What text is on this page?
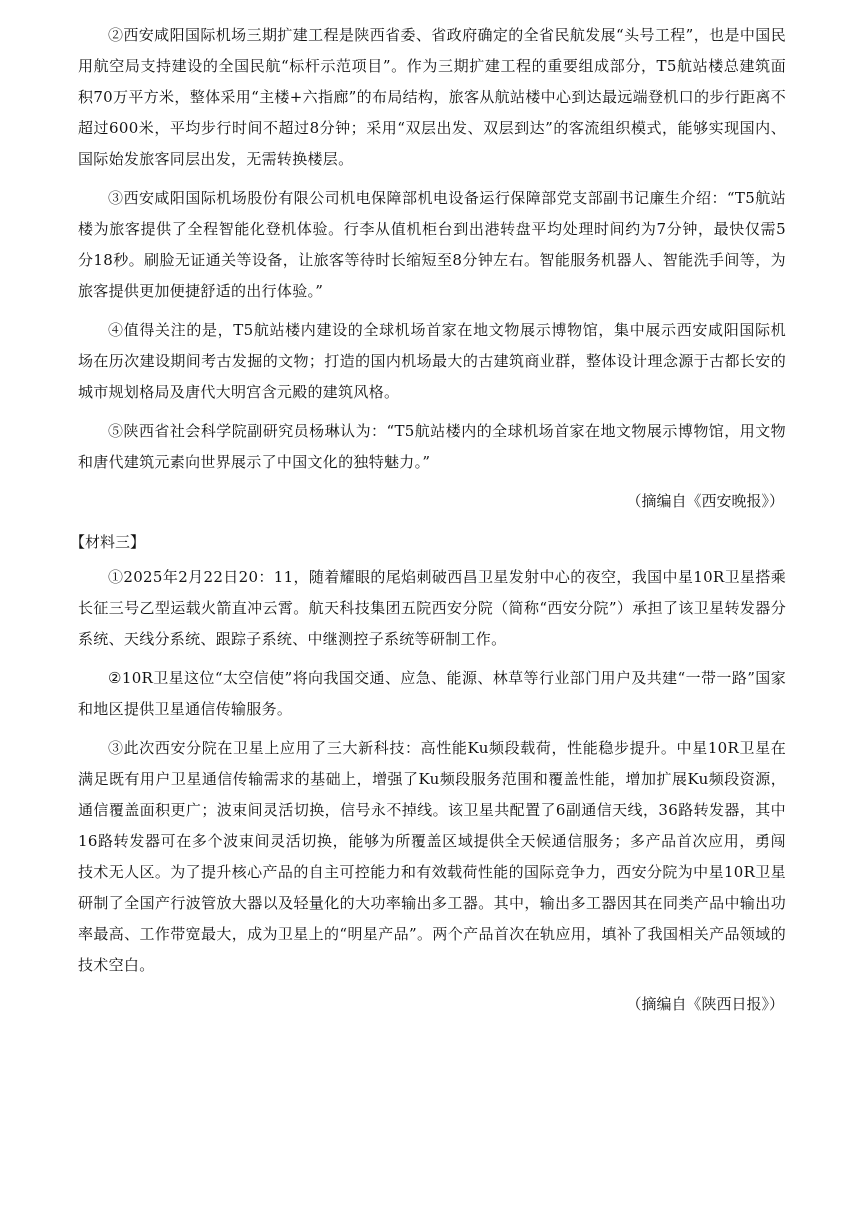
②西安咸阳国际机场三期扩建工程是陕西省委、省政府确定的全省民航发展“头号工程”，也是中国民用航空局支持建设的全国民航“标杆示范项目”。作为三期扩建工程的重要组成部分，T5航站楼总建筑面积70万平方米，整体采用“主楼+六指廊”的布局结构，旅客从航站楼中心到达最远端登机口的步行距离不超过600米，平均步行时间不超过8分钟；采用“双层出发、双层到达”的客流组织模式，能够实现国内、国际始发旅客同层出发，无需转换楼层。

③西安咸阳国际机场股份有限公司机电保障部机电设备运行保障部党支部副书记廉生介绍：“T5航站楼为旅客提供了全程智能化登机体验。行李从值机柜台到出港转盘平均处理时间约为7分钟，最快仅需5分18秒。刷脸无证通关等设备，让旅客等待时长缩短至8分钟左右。智能服务机器人、智能洗手间等，为旅客提供更加便捷舒适的出行体验。”

④值得关注的是，T5航站楼内建设的全球机场首家在地文物展示博物馆，集中展示西安咸阳国际机场在历次建设期间考古发掘的文物；打造的国内机场最大的古建筑商业群，整体设计理念源于古都长安的城市规划格局及唐代大明宫含元殿的建筑风格。

⑤陕西省社会科学院副研究员杨琳认为：“T5航站楼内的全球机场首家在地文物展示博物馆，用文物和唐代建筑元素向世界展示了中国文化的独特魅力。”

（摘编自《西安晚报》）

【材料三】

①2025年2月22日20：11，随着耀眼的尾焰刺破西昌卫星发射中心的夜空，我国中星10R卫星搭乘长征三号乙型运载火箭直冲云霄。航天科技集团五院西安分院（简称“西安分院”）承担了该卫星转发器分系统、天线分系统、跟踪子系统、中继测控子系统等研制工作。

②10R卫星这位“太空信使”将向我国交通、应急、能源、林草等行业部门用户及共建“一带一路”国家和地区提供卫星通信传输服务。

③此次西安分院在卫星上应用了三大新科技：高性能Ku频段载荷，性能稳步提升。中星10R卫星在满足既有用户卫星通信传输需求的基础上，增强了Ku频段服务范围和覆盖性能，增加扩展Ku频段资源，通信覆盖面积更广；波束间灵活切换，信号永不掉线。该卫星共配置了6副通信天线，36路转发器，其中16路转发器可在多个波束间灵活切换，能够为所覆盖区域提供全天候通信服务；多产品首次应用，勇闯技术无人区。为了提升核心产品的自主可控能力和有效载荷性能的国际竞争力，西安分院为中星10R卫星研制了全国产行波管放大器以及轻量化的大功率输出多工器。其中，输出多工器因其在同类产品中输出功率最高、工作带宽最大，成为卫星上的“明星产品”。两个产品首次在轨应用，填补了我国相关产品领域的技术空白。

（摘编自《陕西日报》）
